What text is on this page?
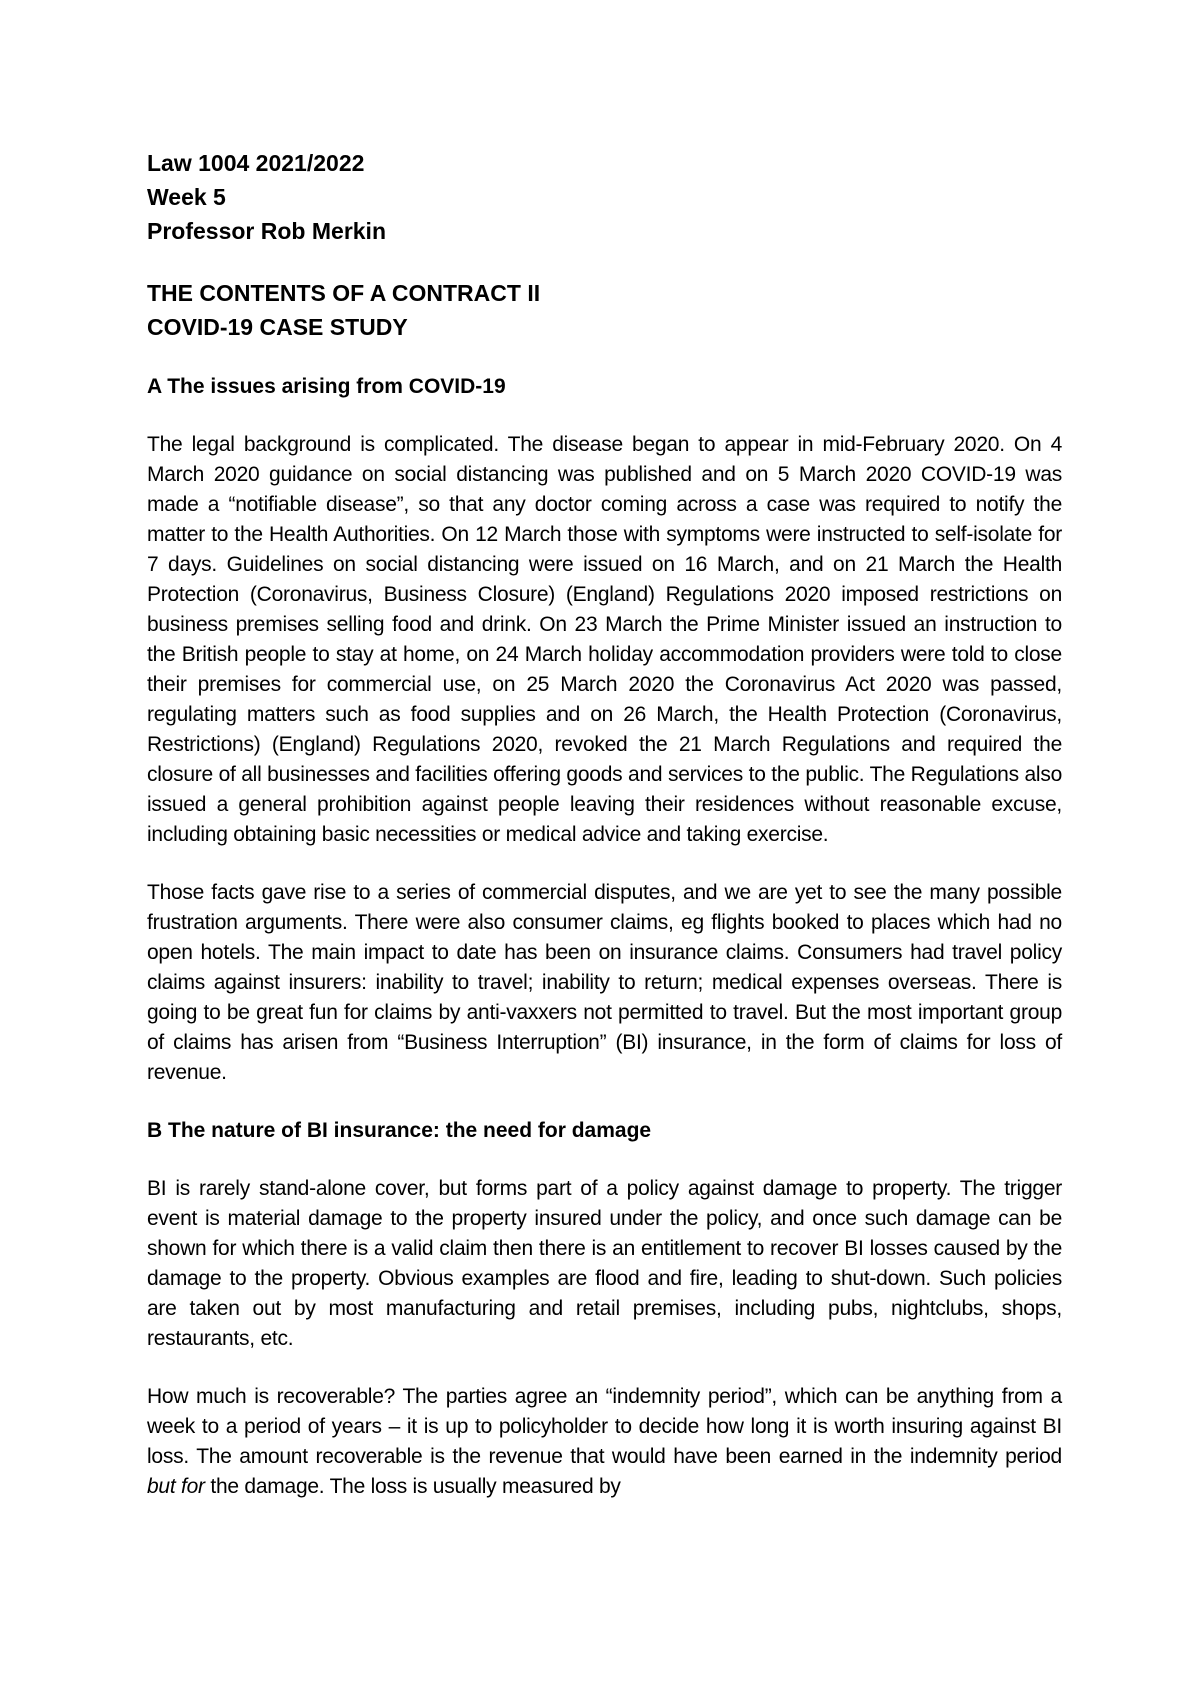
Law 1004 2021/2022
Week 5
Professor Rob Merkin
THE CONTENTS OF A CONTRACT II
COVID-19 CASE STUDY
A The issues arising from COVID-19

The legal background is complicated. The disease began to appear in mid-February 2020. On 4 March 2020 guidance on social distancing was published and on 5 March 2020 COVID-19 was made a “notifiable disease”, so that any doctor coming across a case was required to notify the matter to the Health Authorities. On 12 March those with symptoms were instructed to self-isolate for 7 days. Guidelines on social distancing were issued on 16 March, and on 21 March the Health Protection (Coronavirus, Business Closure) (England) Regulations 2020 imposed restrictions on business premises selling food and drink. On 23 March the Prime Minister issued an instruction to the British people to stay at home, on 24 March holiday accommodation providers were told to close their premises for commercial use, on 25 March 2020 the Coronavirus Act 2020 was passed, regulating matters such as food supplies and on 26 March, the Health Protection (Coronavirus, Restrictions) (England) Regulations 2020, revoked the 21 March Regulations and required the closure of all businesses and facilities offering goods and services to the public. The Regulations also issued a general prohibition against people leaving their residences without reasonable excuse, including obtaining basic necessities or medical advice and taking exercise.

Those facts gave rise to a series of commercial disputes, and we are yet to see the many possible frustration arguments. There were also consumer claims, eg flights booked to places which had no open hotels. The main impact to date has been on insurance claims. Consumers had travel policy claims against insurers: inability to travel; inability to return; medical expenses overseas. There is going to be great fun for claims by anti-vaxxers not permitted to travel. But the most important group of claims has arisen from “Business Interruption” (BI) insurance, in the form of claims for loss of revenue.

B The nature of BI insurance: the need for damage

BI is rarely stand-alone cover, but forms part of a policy against damage to property. The trigger event is material damage to the property insured under the policy, and once such damage can be shown for which there is a valid claim then there is an entitlement to recover BI losses caused by the damage to the property. Obvious examples are flood and fire, leading to shut-down. Such policies are taken out by most manufacturing and retail premises, including pubs, nightclubs, shops, restaurants, etc.

How much is recoverable? The parties agree an “indemnity period”, which can be anything from a week to a period of years – it is up to policyholder to decide how long it is worth insuring against BI loss. The amount recoverable is the revenue that would have been earned in the indemnity period but for the damage. The loss is usually measured by
